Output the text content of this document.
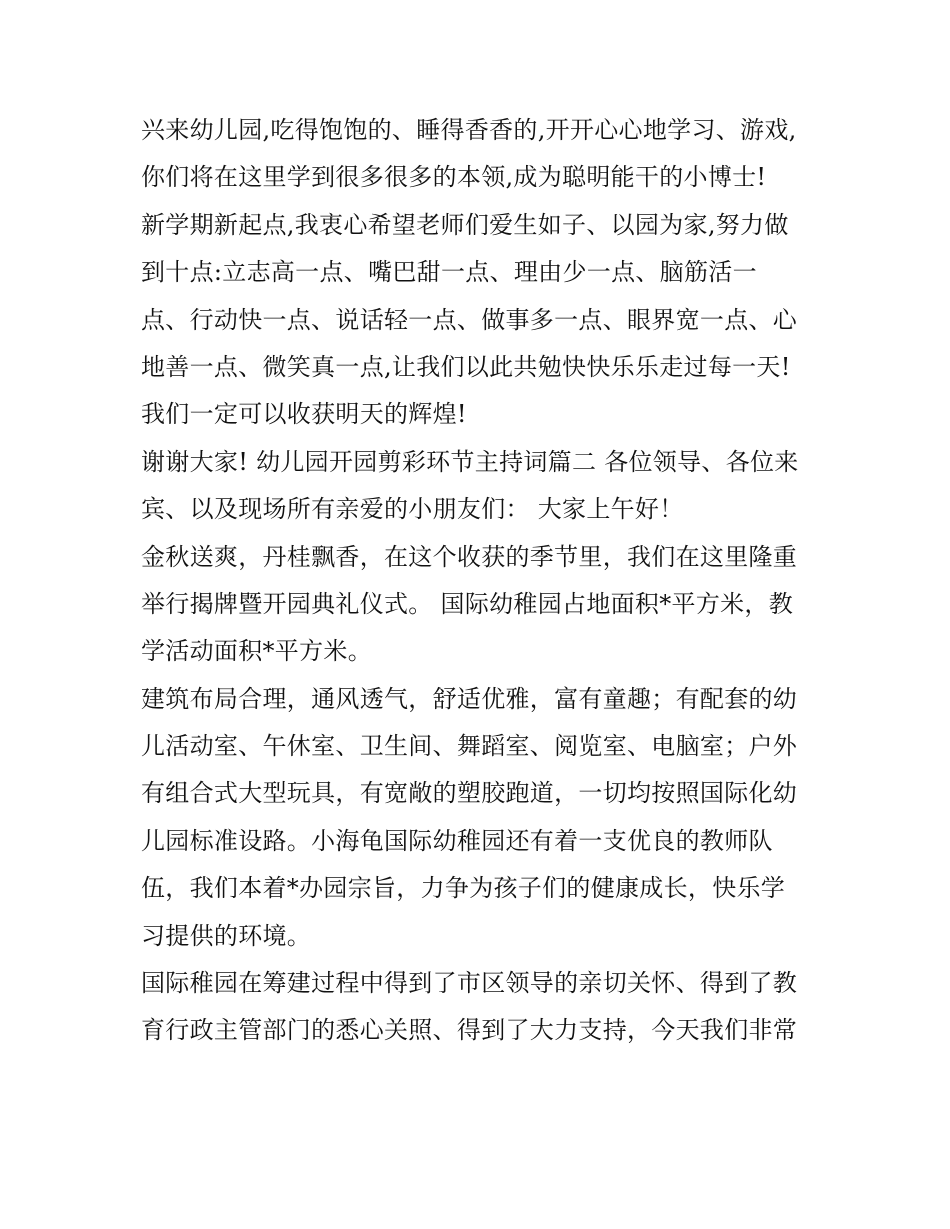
兴来幼儿园,吃得饱饱的、睡得香香的,开开心心地学习、游戏,
你们将在这里学到很多很多的本领,成为聪明能干的小博士!
新学期新起点,我衷心希望老师们爱生如子、以园为家,努力做
到十点:立志高一点、嘴巴甜一点、理由少一点、脑筋活一
点、行动快一点、说话轻一点、做事多一点、眼界宽一点、心
地善一点、微笑真一点,让我们以此共勉快快乐乐走过每一天!
我们一定可以收获明天的辉煌!
谢谢大家! 幼儿园开园剪彩环节主持词篇二 各位领导、各位来
宾、以及现场所有亲爱的小朋友们： 大家上午好！
金秋送爽，丹桂飘香，在这个收获的季节里，我们在这里隆重
举行揭牌暨开园典礼仪式。 国际幼稚园占地面积*平方米，教
学活动面积*平方米。
建筑布局合理，通风透气，舒适优雅，富有童趣；有配套的幼
儿活动室、午休室、卫生间、舞蹈室、阅览室、电脑室；户外
有组合式大型玩具，有宽敞的塑胶跑道，一切均按照国际化幼
儿园标准设路。小海龟国际幼稚园还有着一支优良的教师队
伍，我们本着*办园宗旨，力争为孩子们的健康成长，快乐学
习提供的环境。
国际稚园在筹建过程中得到了市区领导的亲切关怀、得到了教
育行政主管部门的悉心关照、得到了大力支持，今天我们非常
